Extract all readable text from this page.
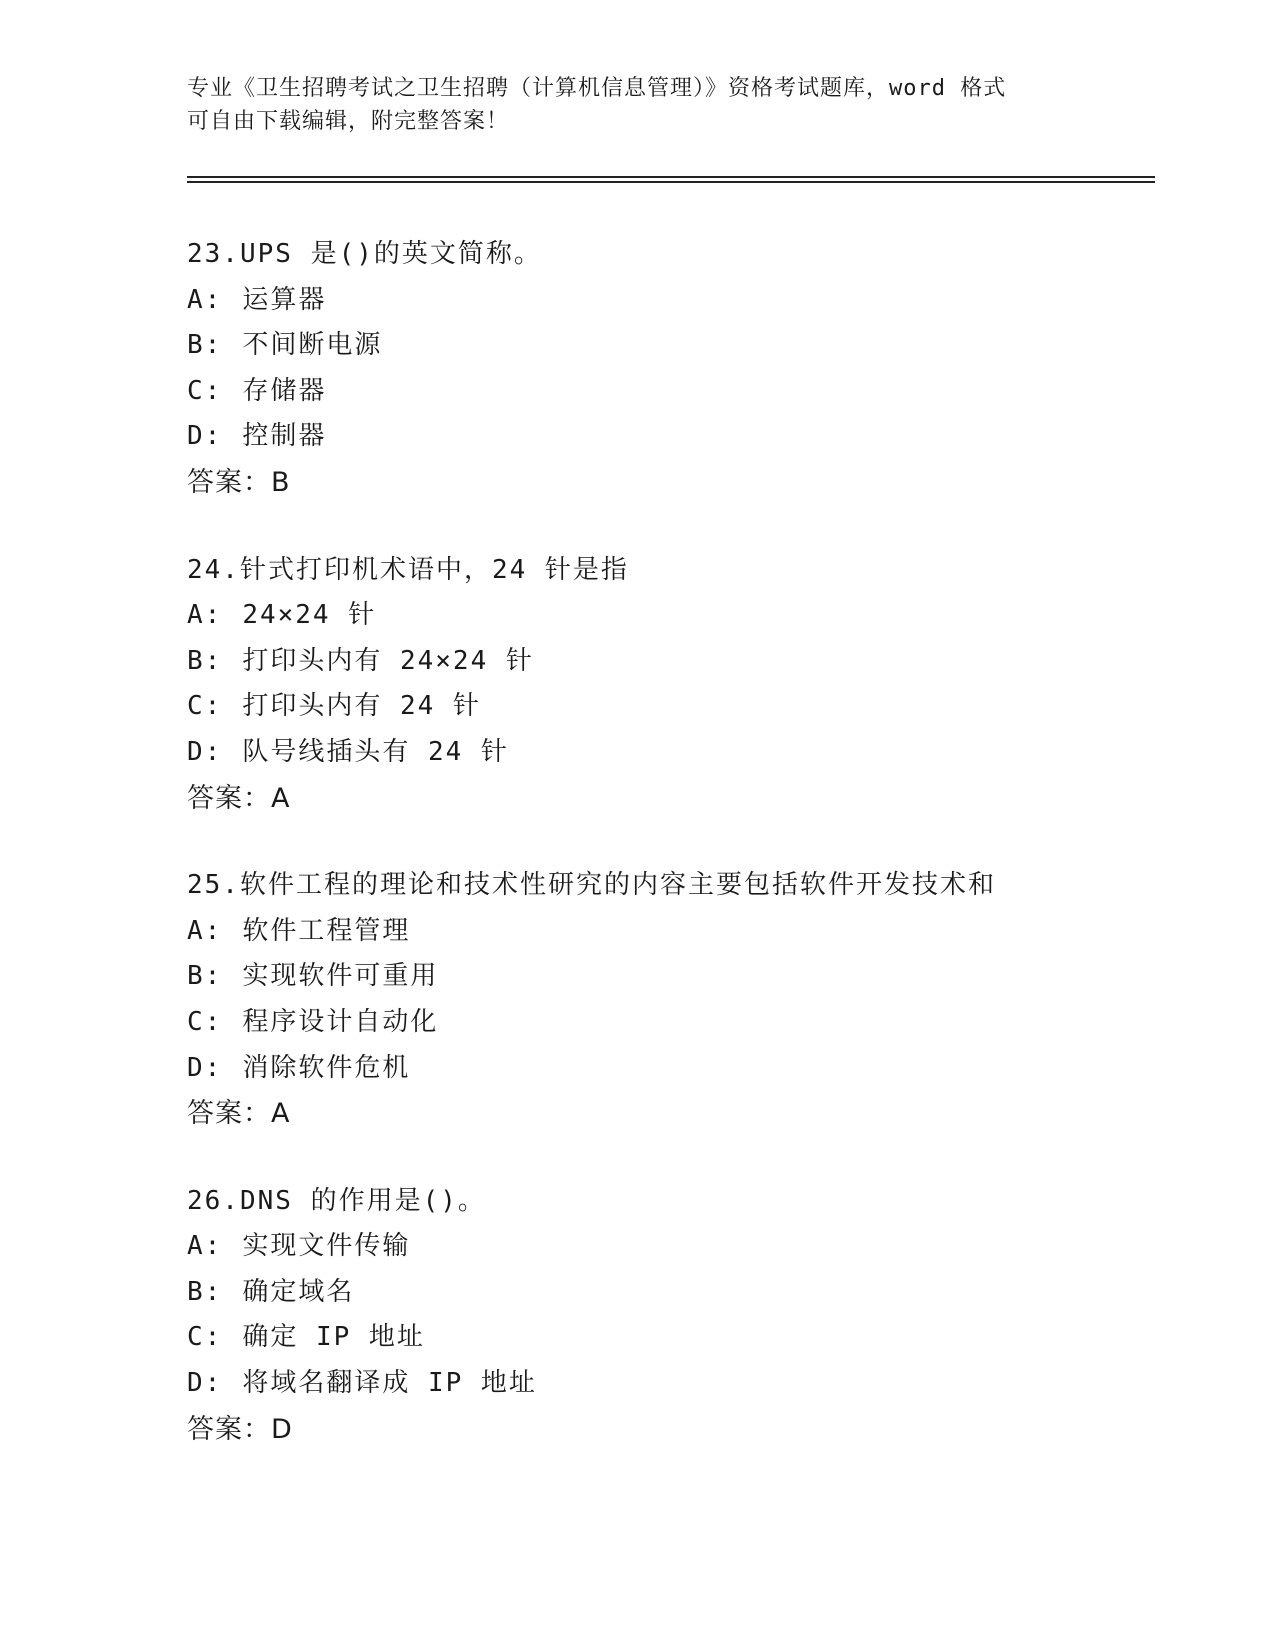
专业《卫生招聘考试之卫生招聘（计算机信息管理）》资格考试题库，word 格式

可自由下载编辑，附完整答案！

23.UPS 是()的英文简称。
A: 运算器
B: 不间断电源
C: 存储器
D: 控制器
答案：B
24.针式打印机术语中，24 针是指
A: 24×24 针
B: 打印头内有 24×24 针
C: 打印头内有 24 针
D: 队号线插头有 24 针
答案：A
25.软件工程的理论和技术性研究的内容主要包括软件开发技术和
A: 软件工程管理
B: 实现软件可重用
C: 程序设计自动化
D: 消除软件危机
答案：A
26.DNS 的作用是()。
A: 实现文件传输
B: 确定域名
C: 确定 IP 地址
D: 将域名翻译成 IP 地址
答案：D
